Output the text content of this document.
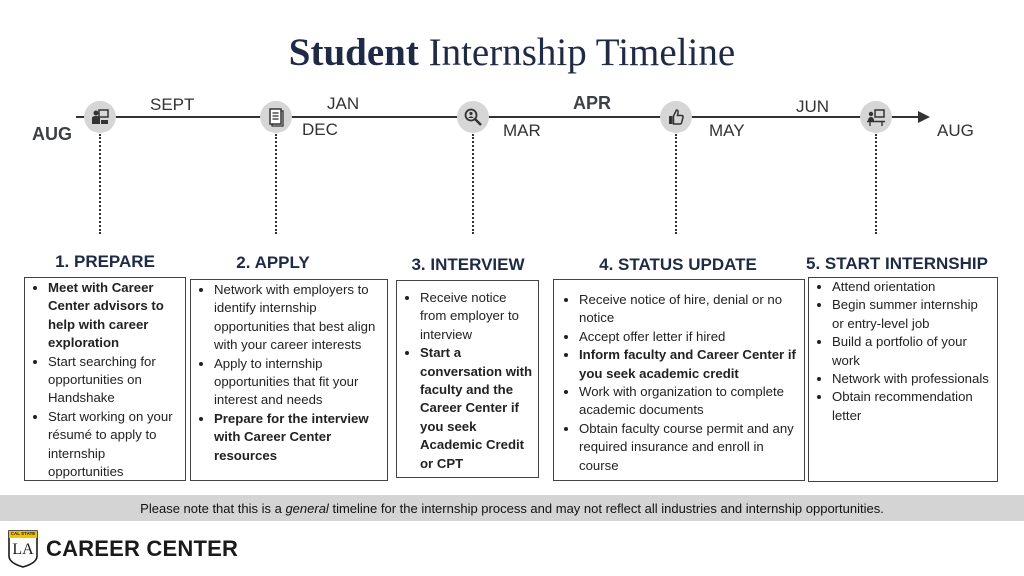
Student Internship Timeline
AUG
SEPT	JAN
DEC
APR
MAR	MAY
JUN
AUG
1. PREPARE	2. APPLY	3. INTERVIEW	4. STATUS UPDATE	5. START INTERNSHIP
• Meet with Career Center advisors to help with career exploration
• Start searching for opportunities on Handshake
• Start working on your résumé to apply to internship opportunities
• Network with employers to identify internship opportunities that best align with your career interests
• Apply to internship opportunities that fit your interest and needs
• Prepare for the interview with Career Center resources
• Receive notice from employer to interview
• Start a conversation with faculty and the Career Center if you seek Academic Credit or CPT
• Receive notice of hire, denial or no notice
• Accept offer letter if hired
• Inform faculty and Career Center if you seek academic credit
• Work with organization to complete academic documents
• Obtain faculty course permit and any required insurance and enroll in course
• Attend orientation
• Begin summer internship or entry-level job
• Build a portfolio of your work
• Network with professionals
• Obtain recommendation letter
Please note that this is a general timeline for the internship process and may not reflect all industries and internship opportunities.
CAL STATE
LA CAREER CENTER
